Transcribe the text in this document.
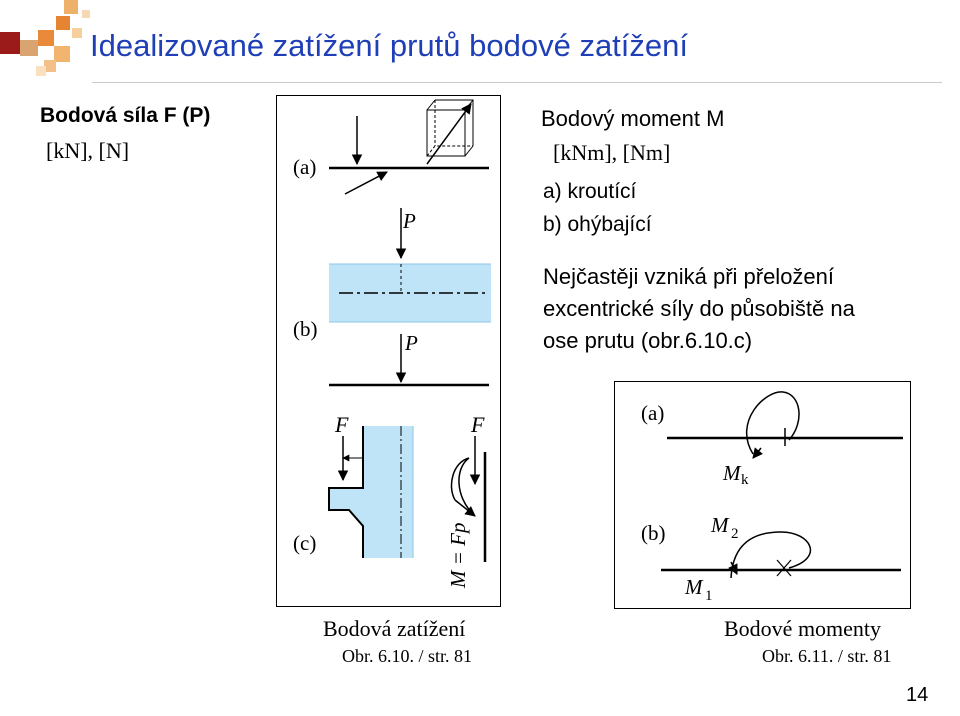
Idealizované zatížení prutů bodové zatížení
Bodová síla F (P)
[kN], [N]
Bodový moment M
[kNm], [Nm]
a) kroutící
b) ohýbající
Nejčastěji vzniká při přeložení
excentrické síly do působiště na
ose prutu (obr.6.10.c)
(a)
P
(b)
P
F	F
(c)	M = Fp
(a)
M k
(b) M 2
M 1
Bodová zatížení
Obr. 6.10. / str. 81
Bodové momenty
Obr. 6.11. / str. 81
14
